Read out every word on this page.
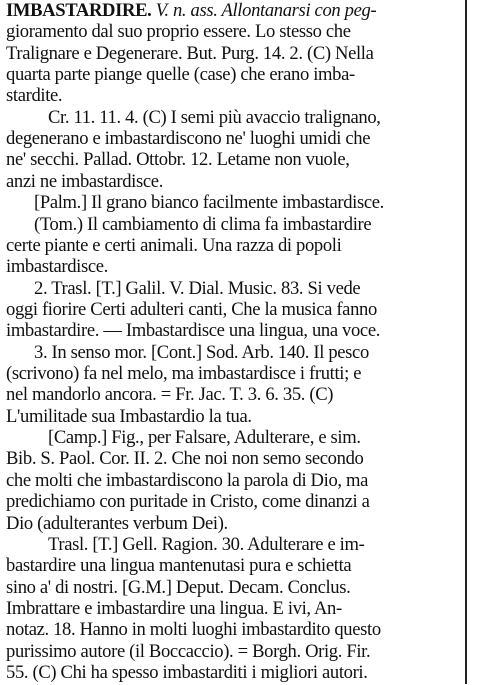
IMBASTARDIRE. V. n. ass. Allontanarsi con peg-
gioramento dal suo proprio essere. Lo stesso che
Tralignare e Degenerare. But. Purg. 14. 2. (C) Nella
quarta parte piange quelle (case) che erano imba-
stardite.
Cr. 11. 11. 4. (C) I semi più avaccio tralignano,
degenerano e imbastardiscono ne' luoghi umidi che
ne' secchi. Pallad. Ottobr. 12. Letame non vuole,
anzi ne imbastardisce.
[Palm.] Il grano bianco facilmente imbastardisce.
(Tom.) Il cambiamento di clima fa imbastardire
certe piante e certi animali. Una razza di popoli
imbastardisce.
2. Trasl. [T.] Galil. V. Dial. Music. 83. Si vede
oggi fiorire Certi adulteri canti, Che la musica fanno
imbastardire. — Imbastardisce una lingua, una voce.
3. In senso mor. [Cont.] Sod. Arb. 140. Il pesco
(scrivono) fa nel melo, ma imbastardisce i frutti; e
nel mandorlo ancora. = Fr. Jac. T. 3. 6. 35. (C)
L'umilitade sua Imbastardio la tua.
[Camp.] Fig., per Falsare, Adulterare, e sim.
Bib. S. Paol. Cor. II. 2. Che noi non semo secondo
che molti che imbastardiscono la parola di Dio, ma
predichiamo con puritade in Cristo, come dinanzi a
Dio (adulterantes verbum Dei).
Trasl. [T.] Gell. Ragion. 30. Adulterare e im-
bastardire una lingua mantenutasi pura e schietta
sino a' di nostri. [G.M.] Deput. Decam. Conclus.
Imbrattare e imbastardire una lingua. E ivi, An-
notaz. 18. Hanno in molti luoghi imbastardito questo
purissimo autore (il Boccaccio). = Borgh. Orig. Fir.
55. (C) Chi ha spesso imbastarditi i migliori autori.
